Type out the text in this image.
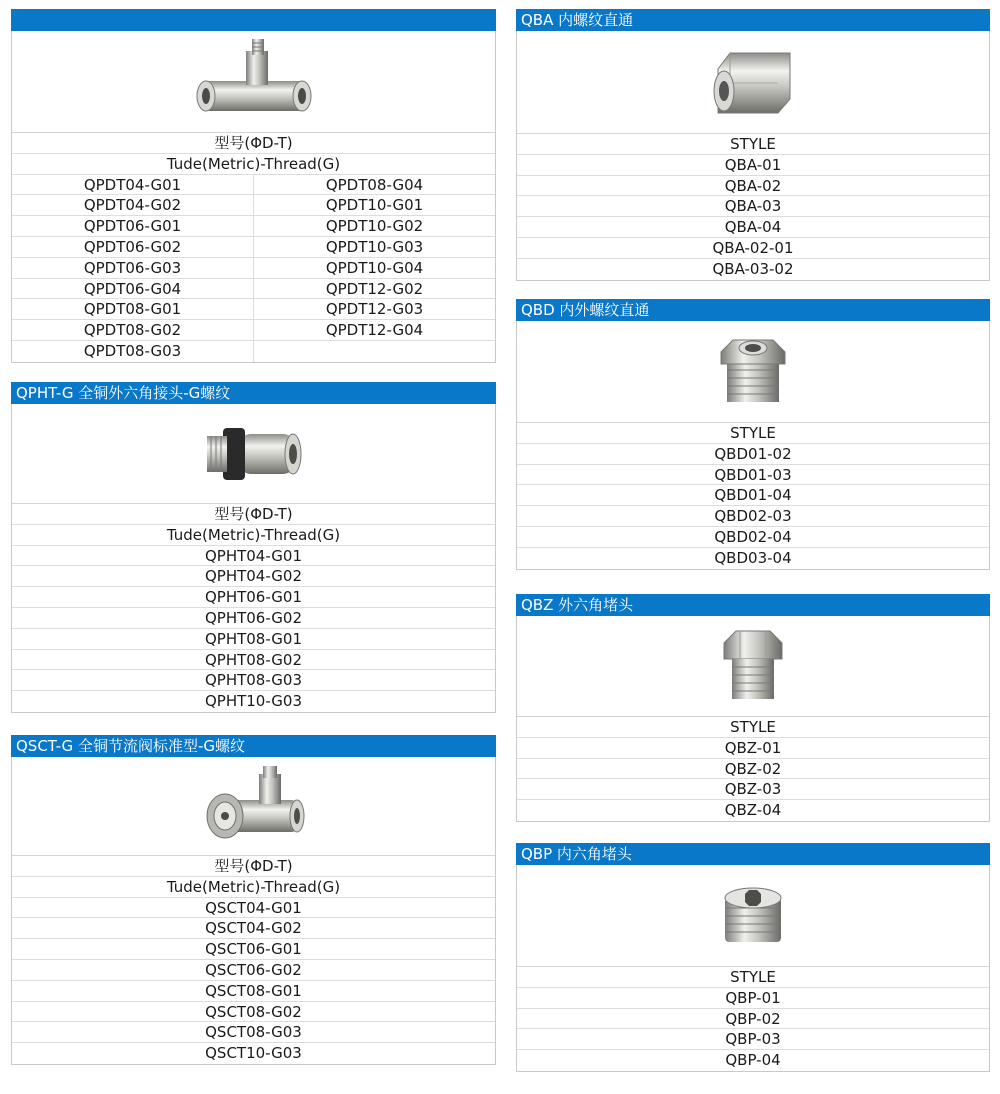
型号(ΦD-T)
Tude(Metric)-Thread(G)
QPDT04-G01	QPDT08-G04
QPDT04-G02	QPDT10-G01
QPDT06-G01	QPDT10-G02
QPDT06-G02	QPDT10-G03
QPDT06-G03	QPDT10-G04
QPDT06-G04	QPDT12-G02
QPDT08-G01	QPDT12-G03
QPDT08-G02	QPDT12-G04
QPDT08-G03
QPHT-G 全铜外六角接头-G螺纹
型号(ΦD-T)
Tude(Metric)-Thread(G)
QPHT04-G01
QPHT04-G02
QPHT06-G01
QPHT06-G02
QPHT08-G01
QPHT08-G02
QPHT08-G03
QPHT10-G03
QSCT-G 全铜节流阀标准型-G螺纹
型号(ΦD-T)
Tude(Metric)-Thread(G)
QSCT04-G01
QSCT04-G02
QSCT06-G01
QSCT06-G02
QSCT08-G01
QSCT08-G02
QSCT08-G03
QSCT10-G03
QBA 内螺纹直通
STYLE
QBA-01
QBA-02
QBA-03
QBA-04
QBA-02-01
QBA-03-02
QBD 内外螺纹直通
STYLE
QBD01-02
QBD01-03
QBD01-04
QBD02-03
QBD02-04
QBD03-04
QBZ 外六角堵头
STYLE
QBZ-01
QBZ-02
QBZ-03
QBZ-04
QBP 内六角堵头
STYLE
QBP-01
QBP-02
QBP-03
QBP-04
